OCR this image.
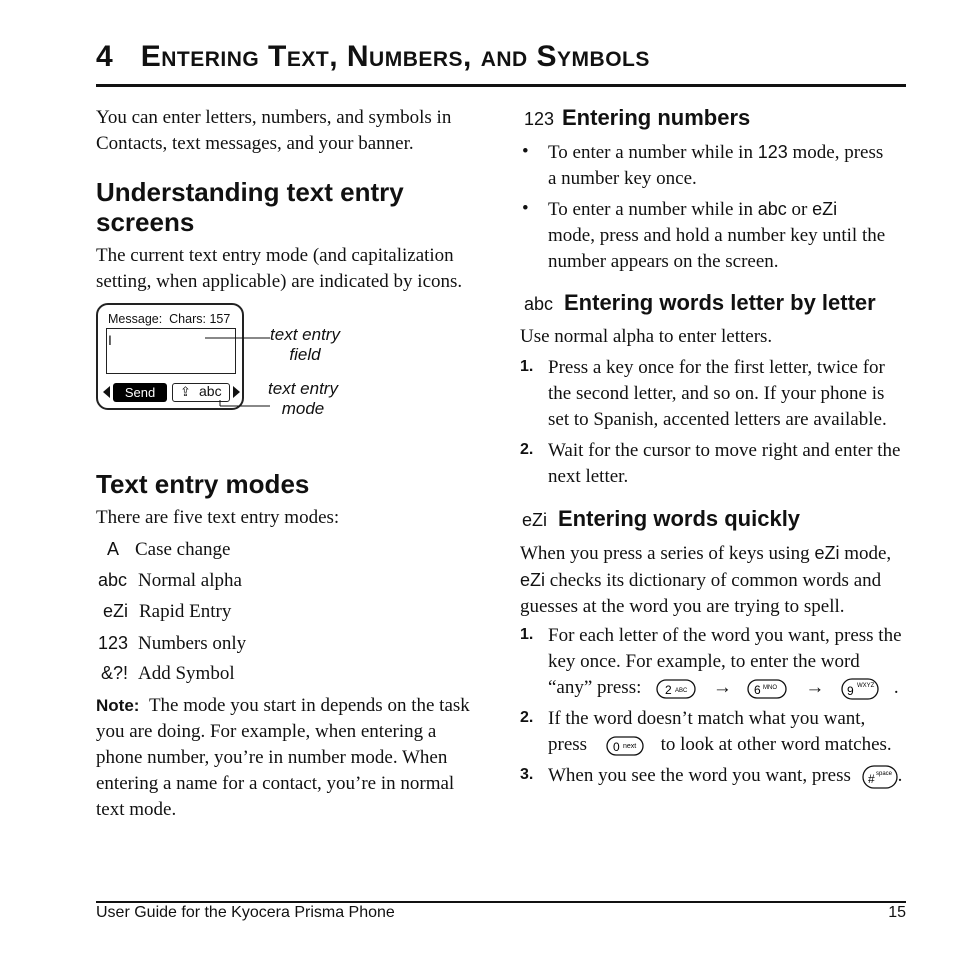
4 Entering Text, Numbers, and Symbols
You can enter letters, numbers, and symbols in Contacts, text messages, and your banner.
Understanding text entry
screens
The current text entry mode (and capitalization setting, when applicable) are indicated by icons.
Message: Chars: 157
I
Send	⇪ abc
text entry
field
text entry
mode
Text entry modes
There are five text entry modes:
A Case change
abc Normal alpha
eZi Rapid Entry
123 Numbers only
&?! Add Symbol
Note: The mode you start in depends on the task
you are doing. For example, when entering a
phone number, you’re in number mode. When
entering a name for a contact, you’re in normal
text mode.
123 Entering numbers
• To enter a number while in 123 mode, press
a number key once.
• To enter a number while in abc or eZi
mode, press and hold a number key until the
number appears on the screen.
abc Entering words letter by letter
Use normal alpha to enter letters.
1. Press a key once for the first letter, twice for
the second letter, and so on. If your phone is
set to Spanish, accented letters are available.
2. Wait for the cursor to move right and enter the
next letter.
eZi Entering words quickly
When you press a series of keys using eZi mode,
eZi checks its dictionary of common words and
guesses at the word you are trying to spell.
1. For each letter of the word you want, press the
key once. For example, to enter the word
“any” press: 2 ABC → 6 MNO → 9 WXYZ .
2. If the word doesn’t match what you want,
press 0 next to look at other word matches.
3. When you see the word you want, press # space .
User Guide for the Kyocera Prisma Phone	15
